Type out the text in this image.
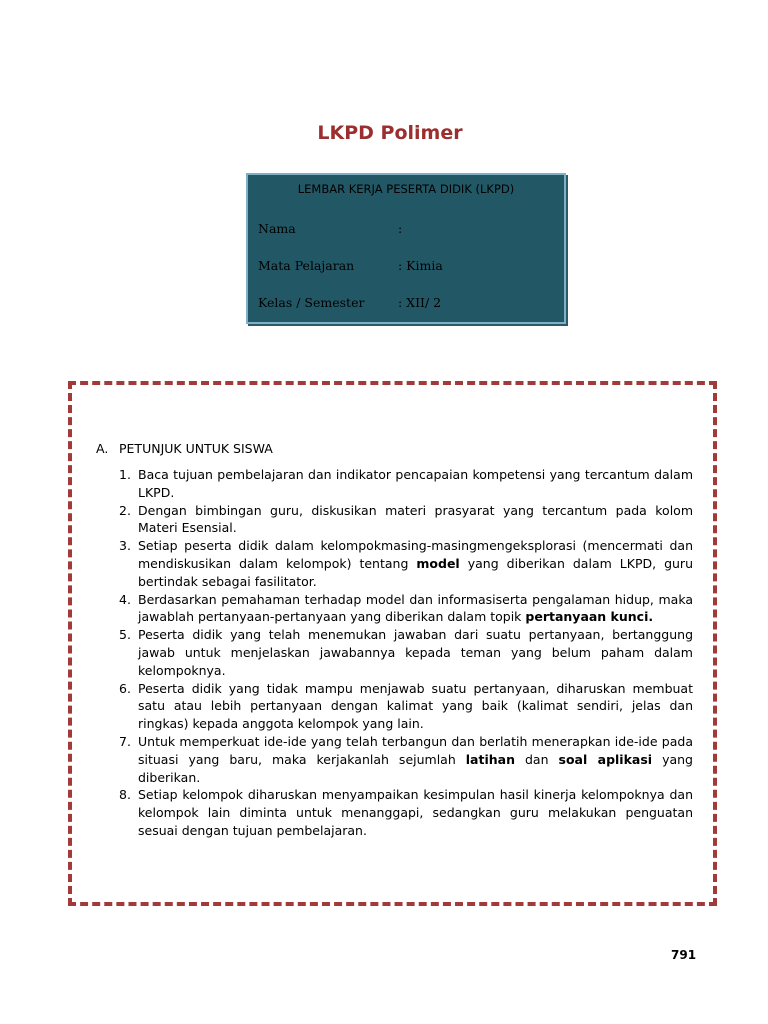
LKPD Polimer
LEMBAR KERJA PESERTA DIDIK (LKPD)
Nama	:
Mata Pelajaran	: Kimia
Kelas / Semester	: XII/ 2
A. PETUNJUK UNTUK SISWA
1. Baca tujuan pembelajaran dan indikator pencapaian kompetensi yang tercantum dalam LKPD.
2. Dengan bimbingan guru, diskusikan materi prasyarat yang tercantum pada kolom Materi Esensial.
3. Setiap peserta didik dalam kelompokmasing-masingmengeksplorasi (mencermati dan mendiskusikan dalam kelompok) tentang model yang diberikan dalam LKPD, guru bertindak sebagai fasilitator.
4. Berdasarkan pemahaman terhadap model dan informasiserta pengalaman hidup, maka jawablah pertanyaan-pertanyaan yang diberikan dalam topik pertanyaan kunci.
5. Peserta didik yang telah menemukan jawaban dari suatu pertanyaan, bertanggung jawab untuk menjelaskan jawabannya kepada teman yang belum paham dalam kelompoknya.
6. Peserta didik yang tidak mampu menjawab suatu pertanyaan, diharuskan membuat satu atau lebih pertanyaan dengan kalimat yang baik (kalimat sendiri, jelas dan ringkas) kepada anggota kelompok yang lain.
7. Untuk memperkuat ide-ide yang telah terbangun dan berlatih menerapkan ide-ide pada situasi yang baru, maka kerjakanlah sejumlah latihan dan soal aplikasi yang diberikan.
8. Setiap kelompok diharuskan menyampaikan kesimpulan hasil kinerja kelompoknya dan kelompok lain diminta untuk menanggapi, sedangkan guru melakukan penguatan sesuai dengan tujuan pembelajaran.
791
